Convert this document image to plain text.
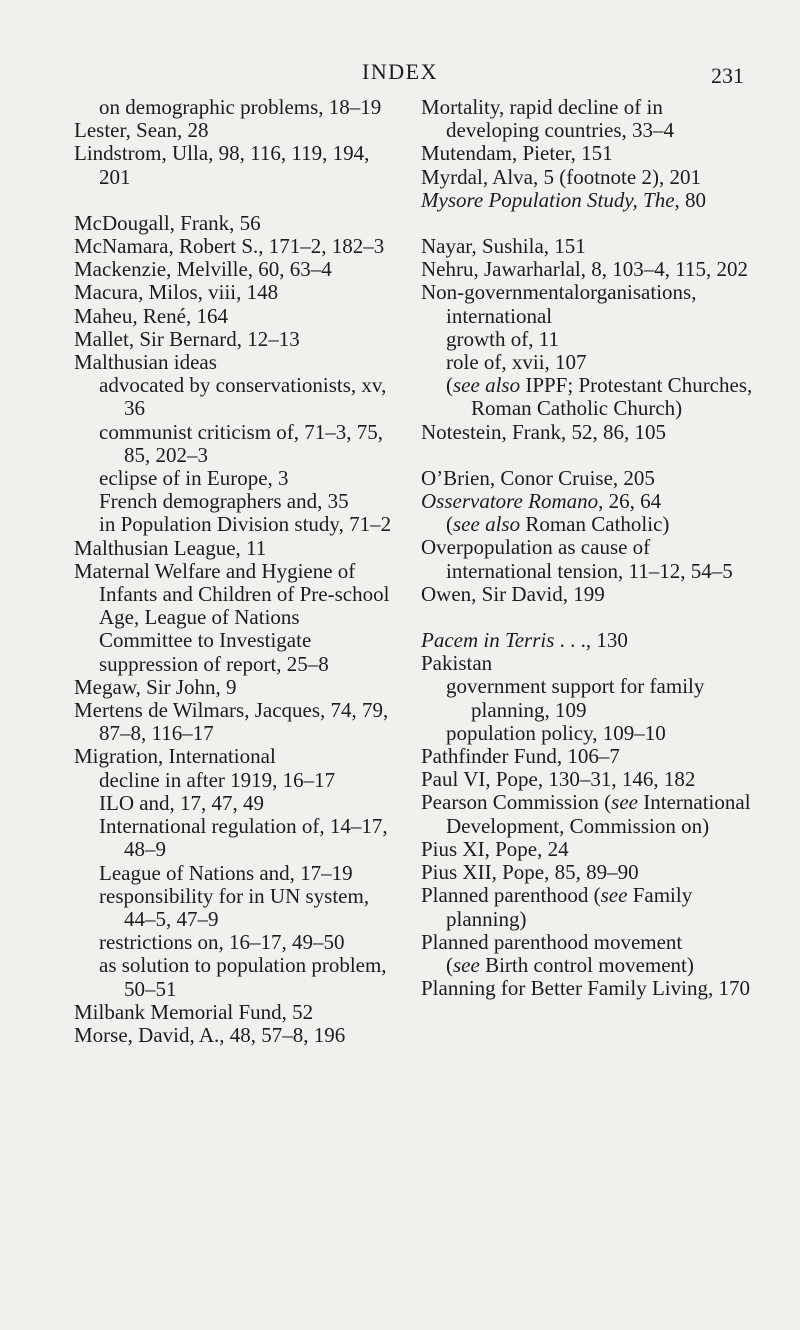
INDEX	231

on demographic problems, 18–19

Lester, Sean, 28

Lindstrom, Ulla, 98, 116, 119, 194, 201

McDougall, Frank, 56

McNamara, Robert S., 171–2, 182–3

Mackenzie, Melville, 60, 63–4

Macura, Milos, viii, 148

Maheu, René, 164

Mallet, Sir Bernard, 12–13

Malthusian ideas

advocated by conservationists, xv, 36

communist criticism of, 71–3, 75, 85, 202–3

eclipse of in Europe, 3

French demographers and, 35

in Population Division study, 71–2

Malthusian League, 11

Maternal Welfare and Hygiene of Infants and Children of Pre-school Age, League of Nations Committee to Investigate

suppression of report, 25–8

Megaw, Sir John, 9

Mertens de Wilmars, Jacques, 74, 79, 87–8, 116–17

Migration, International

decline in after 1919, 16–17

ILO and, 17, 47, 49

International regulation of, 14–17, 48–9

League of Nations and, 17–19

responsibility for in UN system, 44–5, 47–9

restrictions on, 16–17, 49–50

as solution to population problem, 50–51

Milbank Memorial Fund, 52

Morse, David, A., 48, 57–8, 196

Mortality, rapid decline of in developing countries, 33–4

Mutendam, Pieter, 151

Myrdal, Alva, 5 (footnote 2), 201

Mysore Population Study, The, 80

Nayar, Sushila, 151

Nehru, Jawarharlal, 8, 103–4, 115, 202

Non-governmentalorganisations, international

growth of, 11

role of, xvii, 107

(see also IPPF; Protestant Churches, Roman Catholic Church)

Notestein, Frank, 52, 86, 105

O’Brien, Conor Cruise, 205

Osservatore Romano, 26, 64

(see also Roman Catholic)

Overpopulation as cause of international tension, 11–12, 54–5

Owen, Sir David, 199

Pacem in Terris . . ., 130

Pakistan

government support for family planning, 109

population policy, 109–10

Pathfinder Fund, 106–7

Paul VI, Pope, 130–31, 146, 182

Pearson Commission (see International Development, Commission on)

Pius XI, Pope, 24

Pius XII, Pope, 85, 89–90

Planned parenthood (see Family planning)

Planned parenthood movement

(see Birth control movement)

Planning for Better Family Living, 170
